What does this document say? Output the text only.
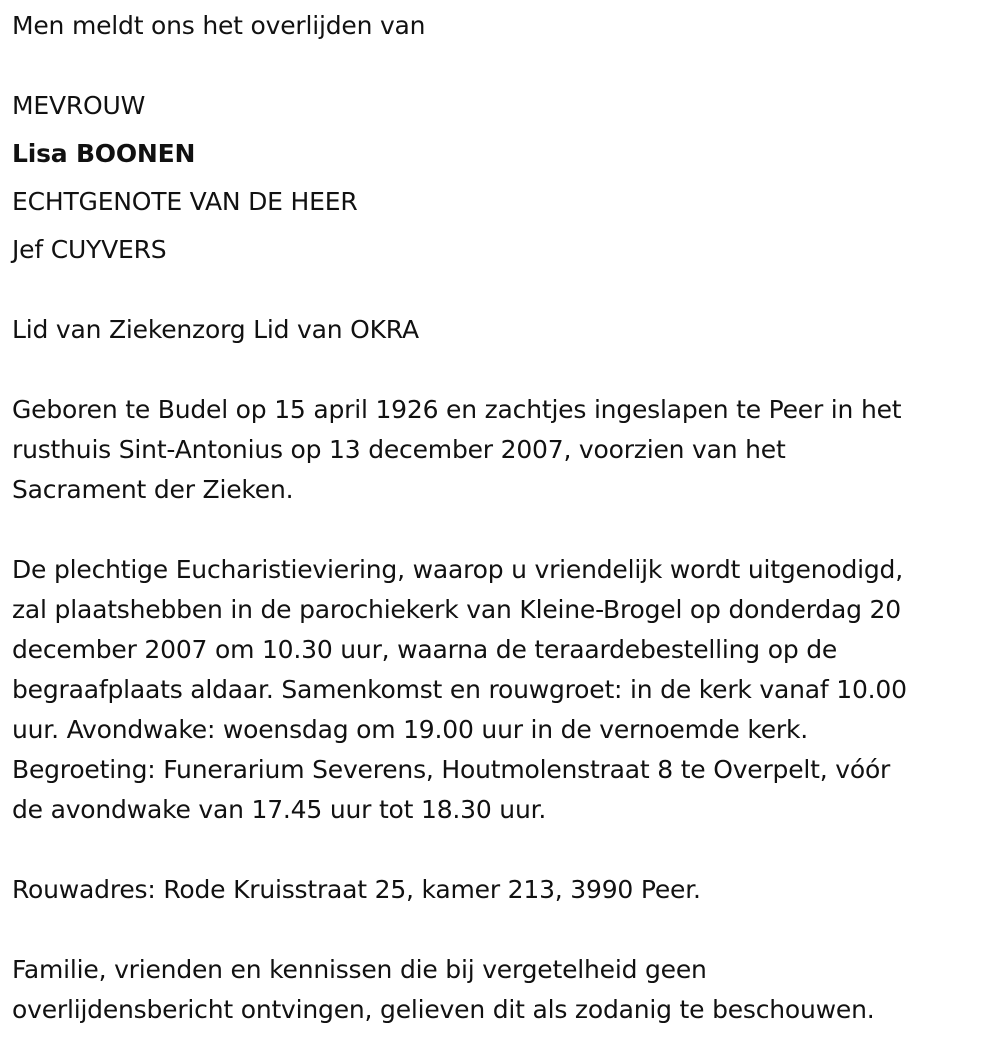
Men meldt ons het overlijden van
MEVROUW
Lisa BOONEN
ECHTGENOTE VAN DE HEER
Jef CUYVERS
Lid van Ziekenzorg Lid van OKRA
Geboren te Budel op 15 april 1926 en zachtjes ingeslapen te Peer in het
rusthuis Sint-Antonius op 13 december 2007, voorzien van het
Sacrament der Zieken.
De plechtige Eucharistieviering, waarop u vriendelijk wordt uitgenodigd,
zal plaatshebben in de parochiekerk van Kleine-Brogel op donderdag 20
december 2007 om 10.30 uur, waarna de teraardebestelling op de
begraafplaats aldaar. Samenkomst en rouwgroet: in de kerk vanaf 10.00
uur. Avondwake: woensdag om 19.00 uur in de vernoemde kerk.
Begroeting: Funerarium Severens, Houtmolenstraat 8 te Overpelt, vóór
de avondwake van 17.45 uur tot 18.30 uur.
Rouwadres: Rode Kruisstraat 25, kamer 213, 3990 Peer.
Familie, vrienden en kennissen die bij vergetelheid geen
overlijdensbericht ontvingen, gelieven dit als zodanig te beschouwen.
